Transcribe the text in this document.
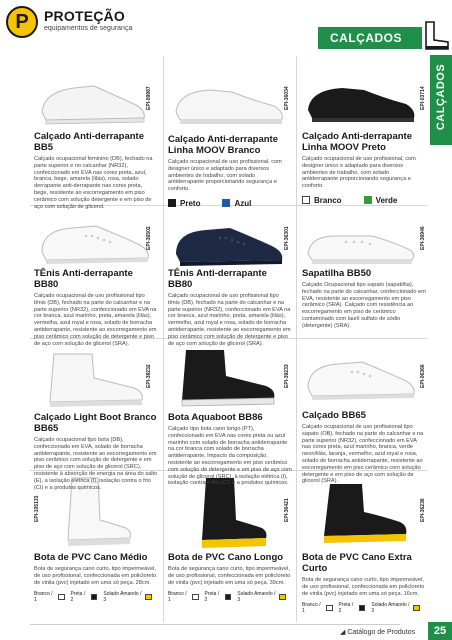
P	PROTEÇÃO
equipamentos de segurança
CALÇADOS
CALÇADOS
EPI-09987	EPI-36034	EPI-03714
EPI-36502	EPI-36301	EPI-36946
EPI-38232	EPI-39233	EPI-06366
EPI-105133	EPI-36421	EPI-36238

Calçado Anti-derrapante BB5

Calçado ocupacional feminino (DB), fechado na parte superior e no calcanhar (NR32), confeccionado em EVA nas cores preta, azul, branca, bege, amarela (lilás), rosa, solado derrapante anti-derrapante nas cores preta, bege, resistente ao escorregamento em piso cerâmico com solução detergente e em piso de aço com solução de glicerol.

Calçado Anti-derrapante Linha MOOV Branco

Calçado ocupacional de uso profissional, com designer único e adaptado para diversos ambientes de trabalho, com solado antiderrapante proporcionando segurança e conforto.
Preto	Azul

Calçado Anti-derrapante Linha MOOV Preto

Calçado ocupacional de uso profissional, com designer único e adaptado para diversos ambientes de trabalho, com solado antiderrapante proporcionando segurança e conforto.
Branco	Verde

TÊnis Anti-derrapante BB80

Calçado ocupacional de uso profissional tipo tênis (DB), fechado na parte do calcanhar e na parte superior (NR32), confeccionado em EVA na cor branca, azul marinho, preta, amarela (lilás), vermelha, azul royal e rosa, solado de borracha antiderrapante, resistente ao escorregamento em piso cerâmico com solução de detergente e piso de aço com solução de glicerol (SRA).

TÊnis Anti-derrapante BB80

Calçado ocupacional de uso profissional tipo tênis (DB), fechado na parte do calcanhar e na parte superior (NR32), confeccionado em EVA na cor branca, azul marinho, preta, amarela (lilás), vermelho, azul royal e rosa, solado de borracha antiderrapante, resistente ao escorregamento em piso cerâmico com solução de detergente e piso de aço com solução de glicerol (SRA).

Sapatilha BB50

Calçado Ocupacional tipo sapato (sapatilha), fechado na parte do calcanhar, confeccionado em EVA, resistente ao escorregamento em piso cerâmico (SRA). Calçado com resistência ao escorregamento em piso de cerâmico contaminado com lauril sulfato de sódio (detergente) (SRA).

Calçado Light Boot Branco BB65

Calçado ocupacional tipo bota (DB), confeccionado em EVA, solado de borracha antiderrapante, resistente ao escorregamento em piso cerâmico com solução de detergente e em piso de aço com solução de glicerol (SRC), resistente à absorção de energia na área do salto (E), a isolação elétrica (I), isolação contra o frio (CI) e a produtos químicos.

Bota Aquaboot BB86

Calçado tipo bota cano longo (PT), confeccionado em EVA nas cores preta ou azul marinho com solado de borracha antiderrapante na cor branca com solado de borracha antiderrapante, Impacto da composição, resistente ao escorregamento em piso cerâmico com solução de detergente e em piso de aço com solução de glicerol (SRC), à isolação elétrica (I), isolação contra o frio (CI) e a produtos químicos.

Calçado BB65

Calçado ocupacional de uso profissional tipo sapato (OB), fechado na parte do calcanhar e na parte superior (NR32), confeccionado em EVA nas cores preta, azul marinho, branca, verde neon/lilás, laranja, vermelho, azul royal e rosa, solado de borracha antiderrapante, resistente ao escorregamento em piso cerâmico com solução detergente e em piso de aço com solução de glicerol (SRA).

Bota de PVC Cano Médio

Bota de segurança cano curto, tipo impermeável, de uso profissional, confeccionada em policloreto de vinila (pvc) injetado em uma só peça. 28cm.
Branco / 1
Preta / 2
Solado Amarelo / 3

Bota de PVC Cano Longo

Bota de segurança cano curto, tipo impermeável, de uso profissional, confeccionada em policloreto de vinila (pvc) injetado em uma só peça. 39cm.
Branco / 1
Preta / 2
Solado Amarelo / 3

Bota de PVC Cano Extra Curto

Bota de segurança cano curto, tipo impermeável, de uso profissional, confeccionada em policloreto de vinila (pvc) injetado em uma só peça. 16cm.
Branco / 1
Preta / 2
Solado Amarelo / 3
◢ Catálogo de Produtos	25
